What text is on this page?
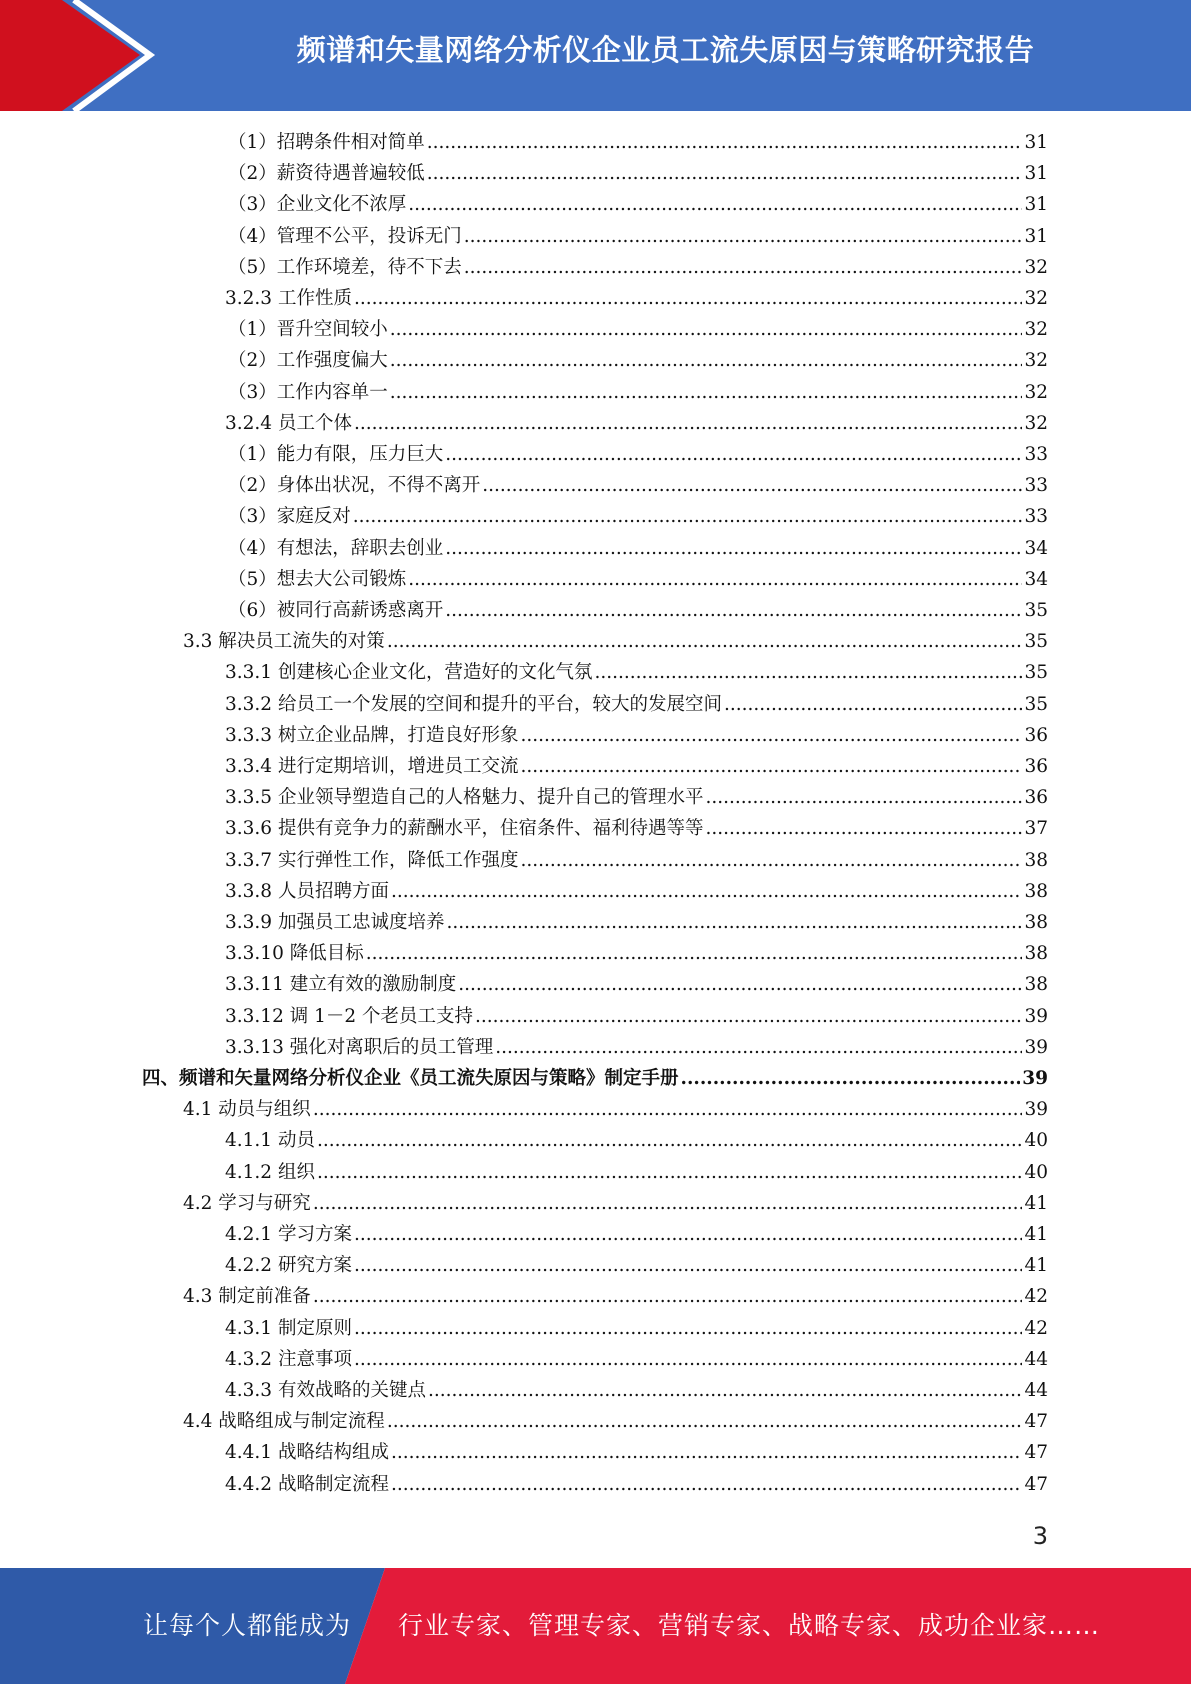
频谱和矢量网络分析仪企业员工流失原因与策略研究报告
（1）招聘条件相对简单 .....	31
（2）薪资待遇普遍较低 .....	31
（3）企业文化不浓厚 .....	31
（4）管理不公平，投诉无门 .....	31
（5）工作环境差，待不下去 .....	32
3.2.3 工作性质 .....	32
（1）晋升空间较小 .....	32
（2）工作强度偏大 .....	32
（3）工作内容单一 .....	32
3.2.4 员工个体 .....	32
（1）能力有限，压力巨大 .....	33
（2）身体出状况，不得不离开 .....	33
（3）家庭反对 .....	33
（4）有想法，辞职去创业 .....	34
（5）想去大公司锻炼 .....	34
（6）被同行高薪诱惑离开 .....	35
3.3 解决员工流失的对策 .....	35
3.3.1 创建核心企业文化，营造好的文化气氛 .....	35
3.3.2 给员工一个发展的空间和提升的平台，较大的发展空间 .....	35
3.3.3 树立企业品牌，打造良好形象 .....	36
3.3.4 进行定期培训，增进员工交流 .....	36
3.3.5 企业领导塑造自己的人格魅力、提升自己的管理水平 .....	36
3.3.6 提供有竞争力的薪酬水平，住宿条件、福利待遇等等 .....	37
3.3.7 实行弹性工作，降低工作强度 .....	38
3.3.8 人员招聘方面 .....	38
3.3.9 加强员工忠诚度培养 .....	38
3.3.10 降低目标 .....	38
3.3.11 建立有效的激励制度 .....	38
3.3.12 调 1－2 个老员工支持 .....	39
3.3.13 强化对离职后的员工管理 .....	39
四、频谱和矢量网络分析仪企业《员工流失原因与策略》制定手册 .....	39
4.1 动员与组织 .....	39
4.1.1 动员 .....	40
4.1.2 组织 .....	40
4.2 学习与研究 .....	41
4.2.1 学习方案 .....	41
4.2.2 研究方案 .....	41
4.3 制定前准备 .....	42
4.3.1 制定原则 .....	42
4.3.2 注意事项 .....	44
4.3.3 有效战略的关键点 .....	44
4.4 战略组成与制定流程 .....	47
4.4.1 战略结构组成 .....	47
4.4.2 战略制定流程 .....	47
3
让每个人都能成为 行业专家、管理专家、营销专家、战略专家、成功企业家……
